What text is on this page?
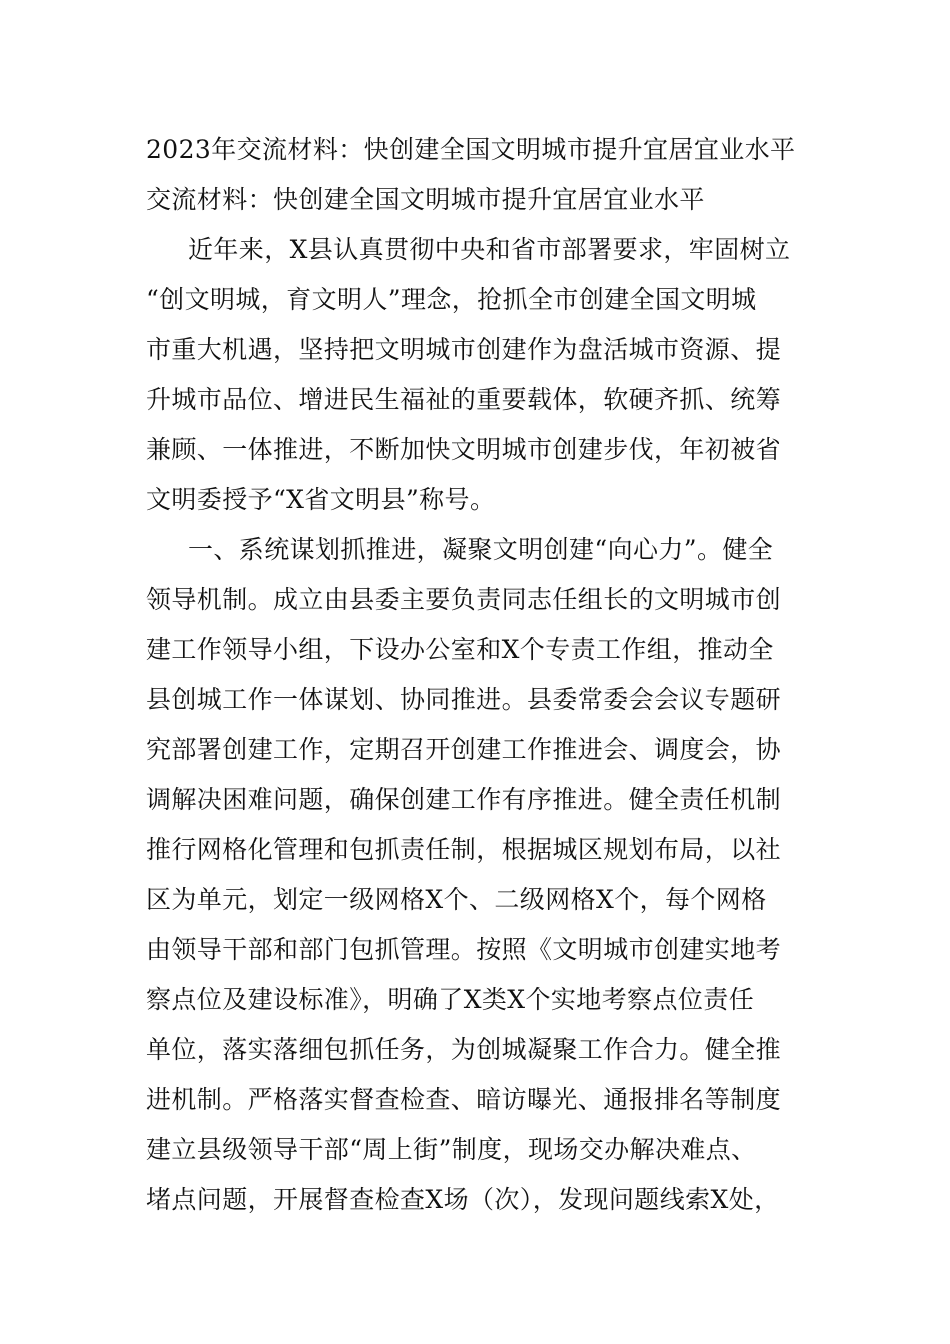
2023年交流材料：快创建全国文明城市提升宜居宜业水平
交流材料：快创建全国文明城市提升宜居宜业水平
近年来，X县认真贯彻中央和省市部署要求，牢固树立
“创文明城，育文明人”理念，抢抓全市创建全国文明城
市重大机遇，坚持把文明城市创建作为盘活城市资源、提
升城市品位、增进民生福祉的重要载体，软硬齐抓、统筹
兼顾、一体推进，不断加快文明城市创建步伐，年初被省
文明委授予“X省文明县”称号。
一、系统谋划抓推进，凝聚文明创建“向心力”。健全
领导机制。成立由县委主要负责同志任组长的文明城市创
建工作领导小组，下设办公室和X个专责工作组，推动全
县创城工作一体谋划、协同推进。县委常委会会议专题研
究部署创建工作，定期召开创建工作推进会、调度会，协
调解决困难问题，确保创建工作有序推进。健全责任机制
推行网格化管理和包抓责任制，根据城区规划布局，以社
区为单元，划定一级网格X个、二级网格X个，每个网格
由领导干部和部门包抓管理。按照《文明城市创建实地考
察点位及建设标准》，明确了X类X个实地考察点位责任
单位，落实落细包抓任务，为创城凝聚工作合力。健全推
进机制。严格落实督查检查、暗访曝光、通报排名等制度
建立县级领导干部“周上街”制度，现场交办解决难点、
堵点问题，开展督查检查X场（次），发现问题线索X处，
